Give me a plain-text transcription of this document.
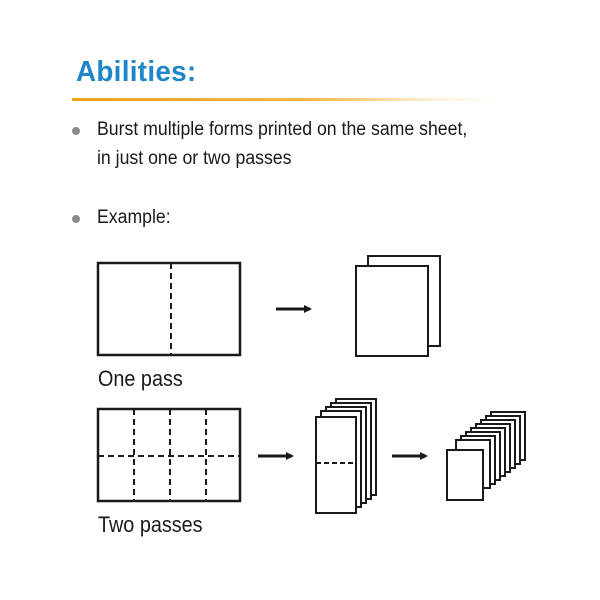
Abilities:
Burst multiple forms printed on the same sheet,
in just one or two passes
Example:
One pass
Two passes
